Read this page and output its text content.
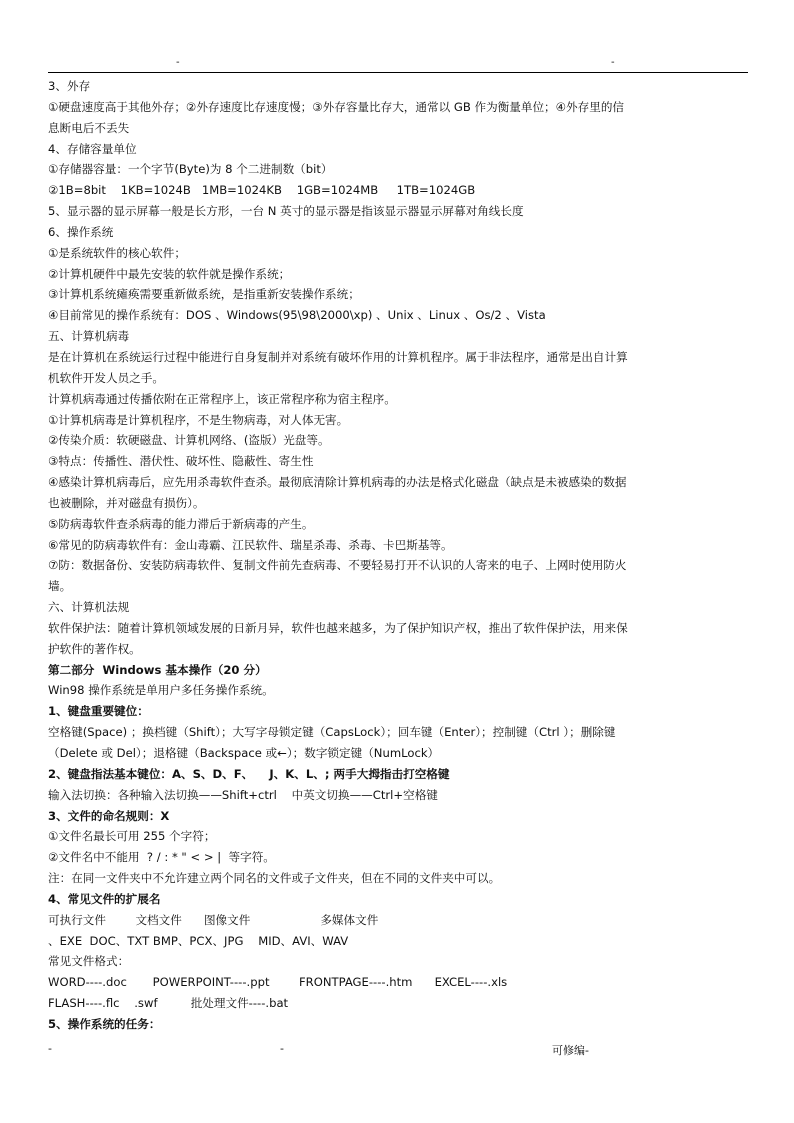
-	-
3、外存
①硬盘速度高于其他外存；②外存速度比存速度慢；③外存容量比存大，通常以 GB 作为衡量单位；④外存里的信
息断电后不丢失
4、存储容量单位
①存储器容量：一个字节(Byte)为 8 个二进制数（bit）
②1B=8bit    1KB=1024B   1MB=1024KB    1GB=1024MB     1TB=1024GB
5、显示器的显示屏幕一般是长方形，一台 N 英寸的显示器是指该显示器显示屏幕对角线长度
6、操作系统
①是系统软件的核心软件；
②计算机硬件中最先安装的软件就是操作系统；
③计算机系统瘫痪需要重新做系统，是指重新安装操作系统；
④目前常见的操作系统有：DOS 、Windows(95\98\2000\xp) 、Unix 、Linux 、Os/2 、Vista
五、计算机病毒
是在计算机在系统运行过程中能进行自身复制并对系统有破坏作用的计算机程序。属于非法程序，通常是出自计算
机软件开发人员之手。
计算机病毒通过传播依附在正常程序上，该正常程序称为宿主程序。
①计算机病毒是计算机程序，不是生物病毒，对人体无害。
②传染介质：软硬磁盘、计算机网络、(盗版）光盘等。
③特点：传播性、潜伏性、破坏性、隐蔽性、寄生性
④感染计算机病毒后，应先用杀毒软件查杀。最彻底清除计算机病毒的办法是格式化磁盘（缺点是未被感染的数据
也被删除，并对磁盘有损伤）。
⑤防病毒软件查杀病毒的能力滞后于新病毒的产生。
⑥常见的防病毒软件有：金山毒霸、江民软件、瑞星杀毒、杀毒、卡巴斯基等。
⑦防：数据备份、安装防病毒软件、复制文件前先查病毒、不要轻易打开不认识的人寄来的电子、上网时使用防火
墙。
六、计算机法规
软件保护法：随着计算机领域发展的日新月异，软件也越来越多，为了保护知识产权，推出了软件保护法，用来保
护软件的著作权。
第二部分  Windows 基本操作（20 分）
Win98 操作系统是单用户多任务操作系统。
1、键盘重要键位：
空格键(Space) ；换档键（Shift）；大写字母锁定键（CapsLock）；回车键（Enter）；控制键（Ctrl ）；删除键
（Delete 或 Del）；退格键（Backspace 或←）；数字锁定键（NumLock）
2、键盘指法基本键位：A、S、D、F、    J、K、L、; 两手大拇指击打空格键
输入法切换：各种输入法切换——Shift+ctrl    中英文切换——Ctrl+空格键
3、文件的命名规则：X
①文件名最长可用 255 个字符；
②文件名中不能用  ? / : * " < > |  等字符。
注：在同一文件夹中不允许建立两个同名的文件或子文件夹，但在不同的文件夹中可以。
4、常见文件的扩展名
可执行文件        文档文件      图像文件                   多媒体文件
、EXE  DOC、TXT BMP、PCX、JPG    MID、AVI、WAV
常见文件格式：
WORD----.doc       POWERPOINT----.ppt        FRONTPAGE----.htm      EXCEL----.xls
FLASH----.flc    .swf         批处理文件----.bat
5、操作系统的任务：
-	-	可修编-
